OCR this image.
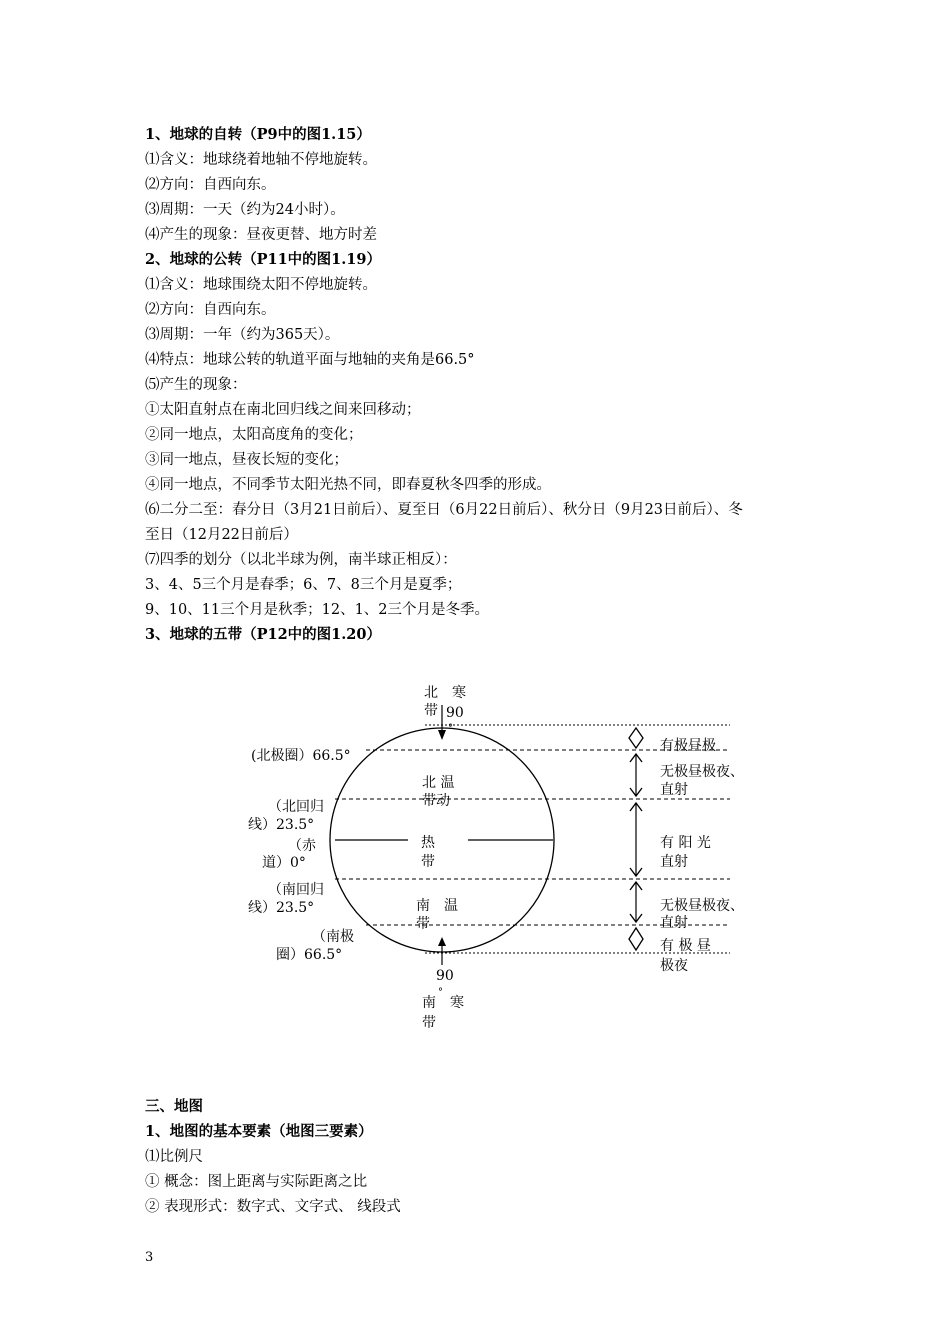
1、地球的自转（P9中的图1.15）
⑴含义：地球绕着地轴不停地旋转。
⑵方向：自西向东。
⑶周期：一天（约为24小时）。
⑷产生的现象：昼夜更替、地方时差
2、地球的公转（P11中的图1.19）
⑴含义：地球围绕太阳不停地旋转。
⑵方向：自西向东。
⑶周期：一年（约为365天）。
⑷特点：地球公转的轨道平面与地轴的夹角是66.5°
⑸产生的现象：
①太阳直射点在南北回归线之间来回移动；
②同一地点，太阳高度角的变化；
③同一地点，昼夜长短的变化；
④同一地点，不同季节太阳光热不同，即春夏秋冬四季的形成。
⑹二分二至：春分日（3月21日前后）、夏至日（6月22日前后）、秋分日（9月23日前后）、冬
至日（12月22日前后）
⑺四季的划分（以北半球为例，南半球正相反）：
3、4、5三个月是春季；6、7、8三个月是夏季；
9、10、11三个月是秋季；12、1、2三个月是冬季。
3、地球的五带（P12中的图1.20）
北　寒
带 90
°
(北极圈）66.5°
（北回归
线）23.5°
（赤
道）0°
（南回归
线）23.5°
（南极
圈）66.5°
北 温
带动
热
带
南　温
带
90
°
南　寒
带
有极昼极
无极昼极夜、
直射
有 阳 光
直射
无极昼极夜、
直射
有 极 昼
极夜
三、地图
1、地图的基本要素（地图三要素）
⑴比例尺
① 概念：图上距离与实际距离之比
② 表现形式：数字式、文字式、 线段式
3
